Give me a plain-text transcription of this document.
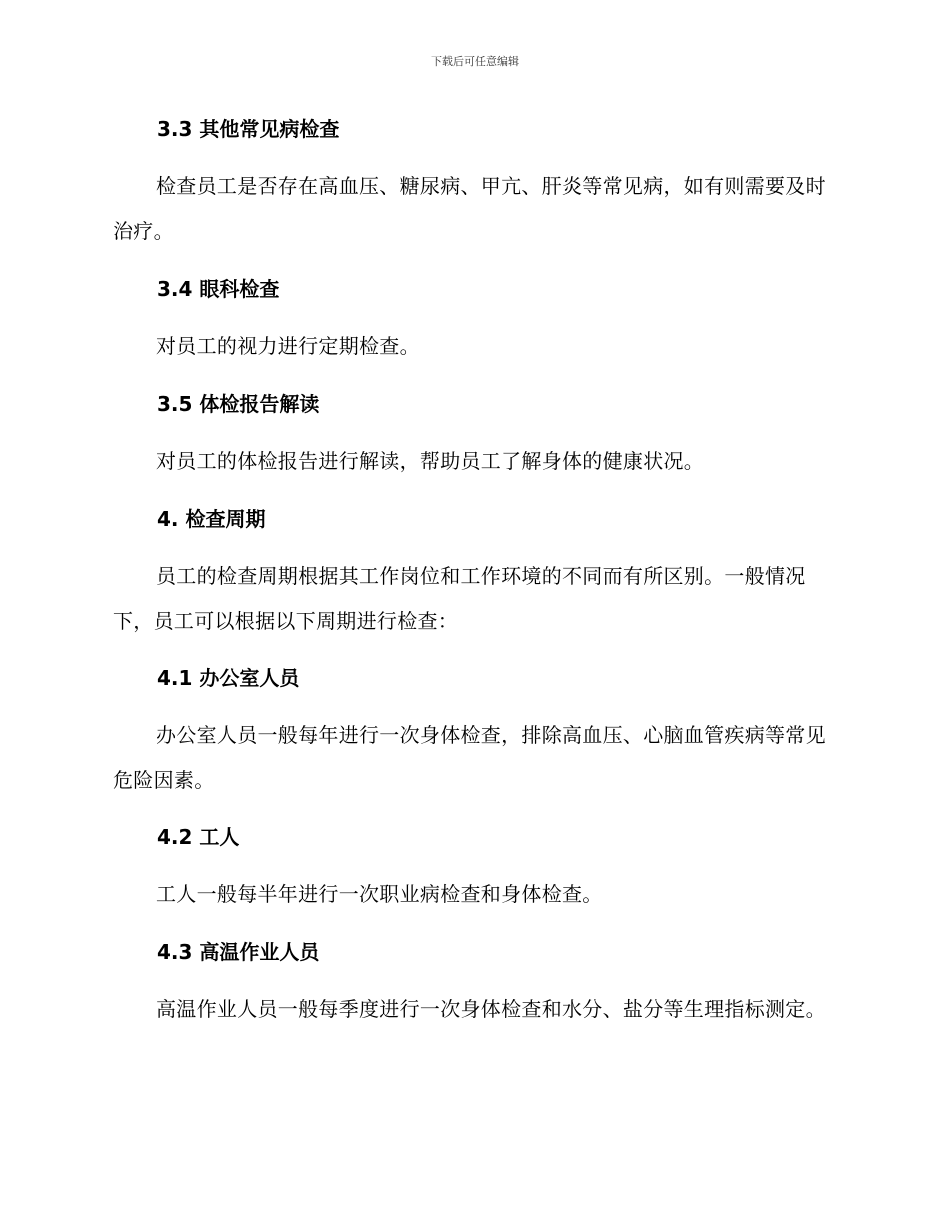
下载后可任意编辑
3.3 其他常见病检查
检查员工是否存在高血压、糖尿病、甲亢、肝炎等常见病，如有则需要及时治疗。
3.4 眼科检查
对员工的视力进行定期检查。
3.5 体检报告解读
对员工的体检报告进行解读，帮助员工了解身体的健康状况。
4. 检查周期
员工的检查周期根据其工作岗位和工作环境的不同而有所区别。一般情况下，员工可以根据以下周期进行检查：
4.1 办公室人员
办公室人员一般每年进行一次身体检查，排除高血压、心脑血管疾病等常见危险因素。
4.2 工人
工人一般每半年进行一次职业病检查和身体检查。
4.3 高温作业人员
高温作业人员一般每季度进行一次身体检查和水分、盐分等生理指标测定。
